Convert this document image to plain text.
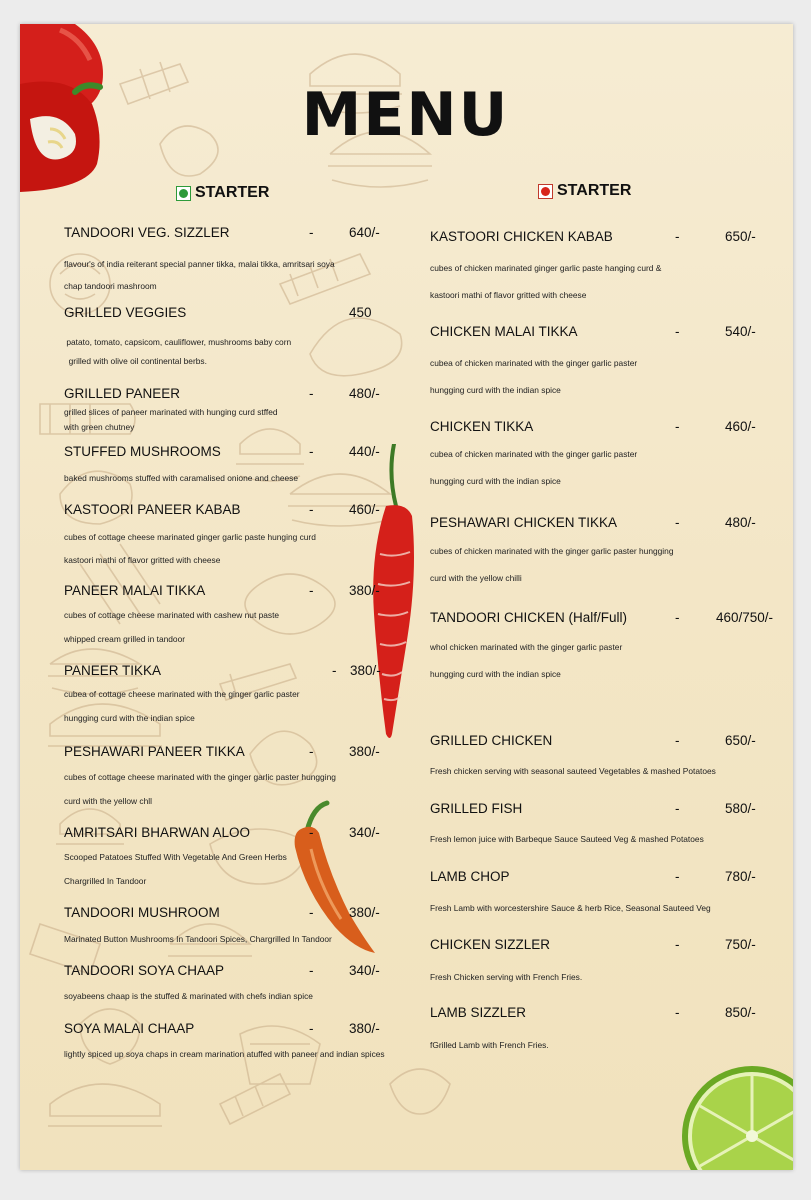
MENU
STARTER	STARTER
TANDOORI VEG. SIZZLER	-	640/-
flavour's of india reiterant special panner tikka, malai tikka, amritsari soya
chap tandoori mashroom
GRILLED VEGGIES	450
patato, tomato, capsicom, cauliflower, mushrooms baby corn
grilled with olive oil continental berbs.
GRILLED PANEER	-	480/-
grilled slices of paneer marinated with hunging curd stffed
with green chutney
STUFFED MUSHROOMS	-	440/-
baked mushrooms stuffed with caramalised onione and cheese
KASTOORI PANEER KABAB	-	460/-
cubes of cottage cheese marinated ginger garlic paste hunging curd
kastoori mathi of flavor gritted with cheese
PANEER MALAI TIKKA	-	380/-
cubes of cottage cheese marinated with cashew nut paste
whipped cream grilled in tandoor
PANEER TIKKA	- 380/-
cubea of cottage cheese marinated with the ginger garlic paster
hungging curd with the indian spice
PESHAWARI PANEER TIKKA	-	380/-
cubes of cottage cheese marinated with the ginger garlic paster hungging
curd with the yellow chll
AMRITSARI BHARWAN ALOO	-	340/-
Scooped Patatoes Stuffed With Vegetable And Green Herbs
Chargrilled In Tandoor
TANDOORI MUSHROOM	-	380/-
Marinated Button Mushrooms In Tandoori Spices, Chargrilled In Tandoor
TANDOORI SOYA CHAAP	-	340/-
soyabeens chaap is the stuffed & marinated with chefs indian spice
SOYA MALAI CHAAP	-	380/-
lightly spiced up soya chaps in cream marination atuffed with paneer and indian spices
KASTOORI CHICKEN KABAB	-	650/-
cubes of chicken marinated ginger garlic paste hanging curd &
kastoori mathi of flavor gritted with cheese
CHICKEN MALAI TIKKA	-	540/-
cubea of chicken marinated with the ginger garlic paster
hungging curd with the indian spice
CHICKEN TIKKA	-	460/-
cubea of chicken marinated with the ginger garlic paster
hungging curd with the indian spice
PESHAWARI CHICKEN TIKKA	-	480/-
cubes of chicken marinated with the ginger garlic paster hungging
curd with the yellow chilli
TANDOORI CHICKEN (Half/Full)	-	460/750/-
whol chicken marinated with the ginger garlic paster
hungging curd with the indian spice
GRILLED CHICKEN	-	650/-
Fresh chicken serving with seasonal sauteed Vegetables & mashed Potatoes
GRILLED FISH	-	580/-
Fresh lemon juice with Barbeque Sauce Sauteed Veg & mashed Potatoes
LAMB CHOP	-	780/-
Fresh Lamb with worcestershire Sauce & herb Rice, Seasonal Sauteed Veg
CHICKEN SIZZLER	-	750/-
Fresh Chicken serving with French Fries.
LAMB SIZZLER	-	850/-
fGrilled Lamb with French Fries.
